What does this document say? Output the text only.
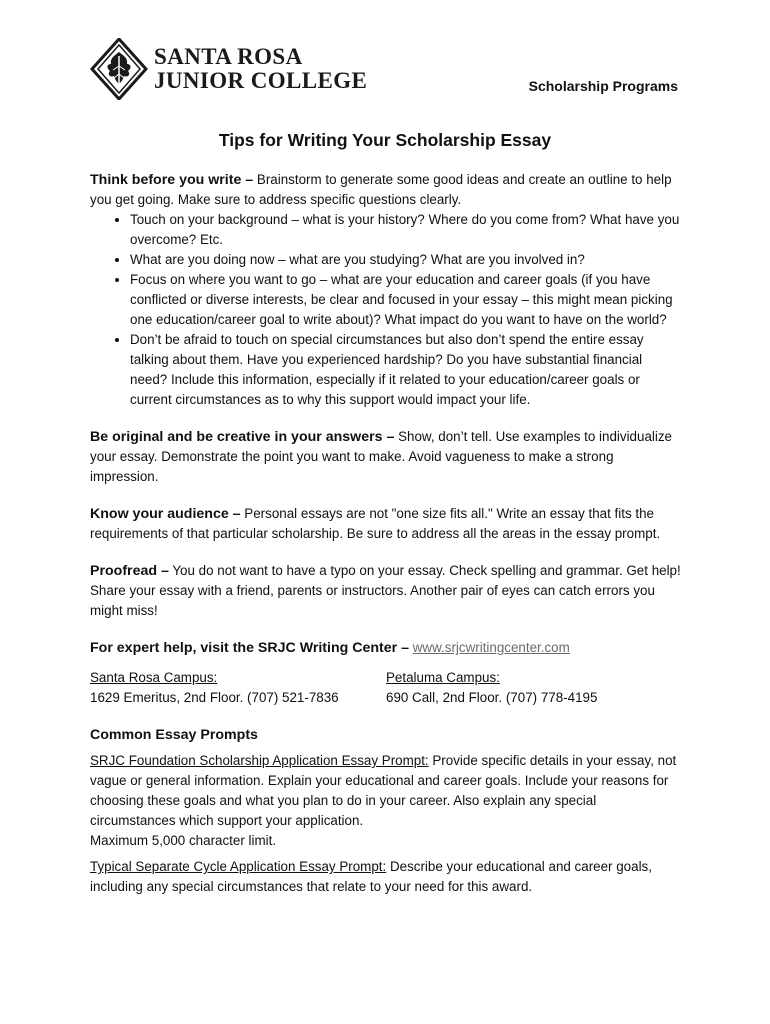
SANTA ROSA
JUNIOR COLLEGE	Scholarship Programs
Tips for Writing Your Scholarship Essay

Think before you write – Brainstorm to generate some good ideas and create an outline to help you get going. Make sure to address specific questions clearly.

• Touch on your background – what is your history? Where do you come from? What have you overcome? Etc.
• What are you doing now – what are you studying? What are you involved in?
• Focus on where you want to go – what are your education and career goals (if you have conflicted or diverse interests, be clear and focused in your essay – this might mean picking one education/career goal to write about)? What impact do you want to have on the world?
• Don’t be afraid to touch on special circumstances but also don’t spend the entire essay talking about them. Have you experienced hardship? Do you have substantial financial need? Include this information, especially if it related to your education/career goals or current circumstances as to why this support would impact your life.

Be original and be creative in your answers – Show, don’t tell. Use examples to individualize your essay. Demonstrate the point you want to make. Avoid vagueness to make a strong impression.

Know your audience – Personal essays are not "one size fits all." Write an essay that fits the requirements of that particular scholarship. Be sure to address all the areas in the essay prompt.

Proofread – You do not want to have a typo on your essay. Check spelling and grammar. Get help! Share your essay with a friend, parents or instructors. Another pair of eyes can catch errors you might miss!

For expert help, visit the SRJC Writing Center – www.srjcwritingcenter.com

Santa Rosa Campus:
1629 Emeritus, 2nd Floor. (707) 521-7836
Petaluma Campus:
690 Call, 2nd Floor. (707) 778-4195
Common Essay Prompts

SRJC Foundation Scholarship Application Essay Prompt: Provide specific details in your essay, not vague or general information. Explain your educational and career goals. Include your reasons for choosing these goals and what you plan to do in your career. Also explain any special circumstances which support your application.

Maximum 5,000 character limit.

Typical Separate Cycle Application Essay Prompt: Describe your educational and career goals, including any special circumstances that relate to your need for this award.
